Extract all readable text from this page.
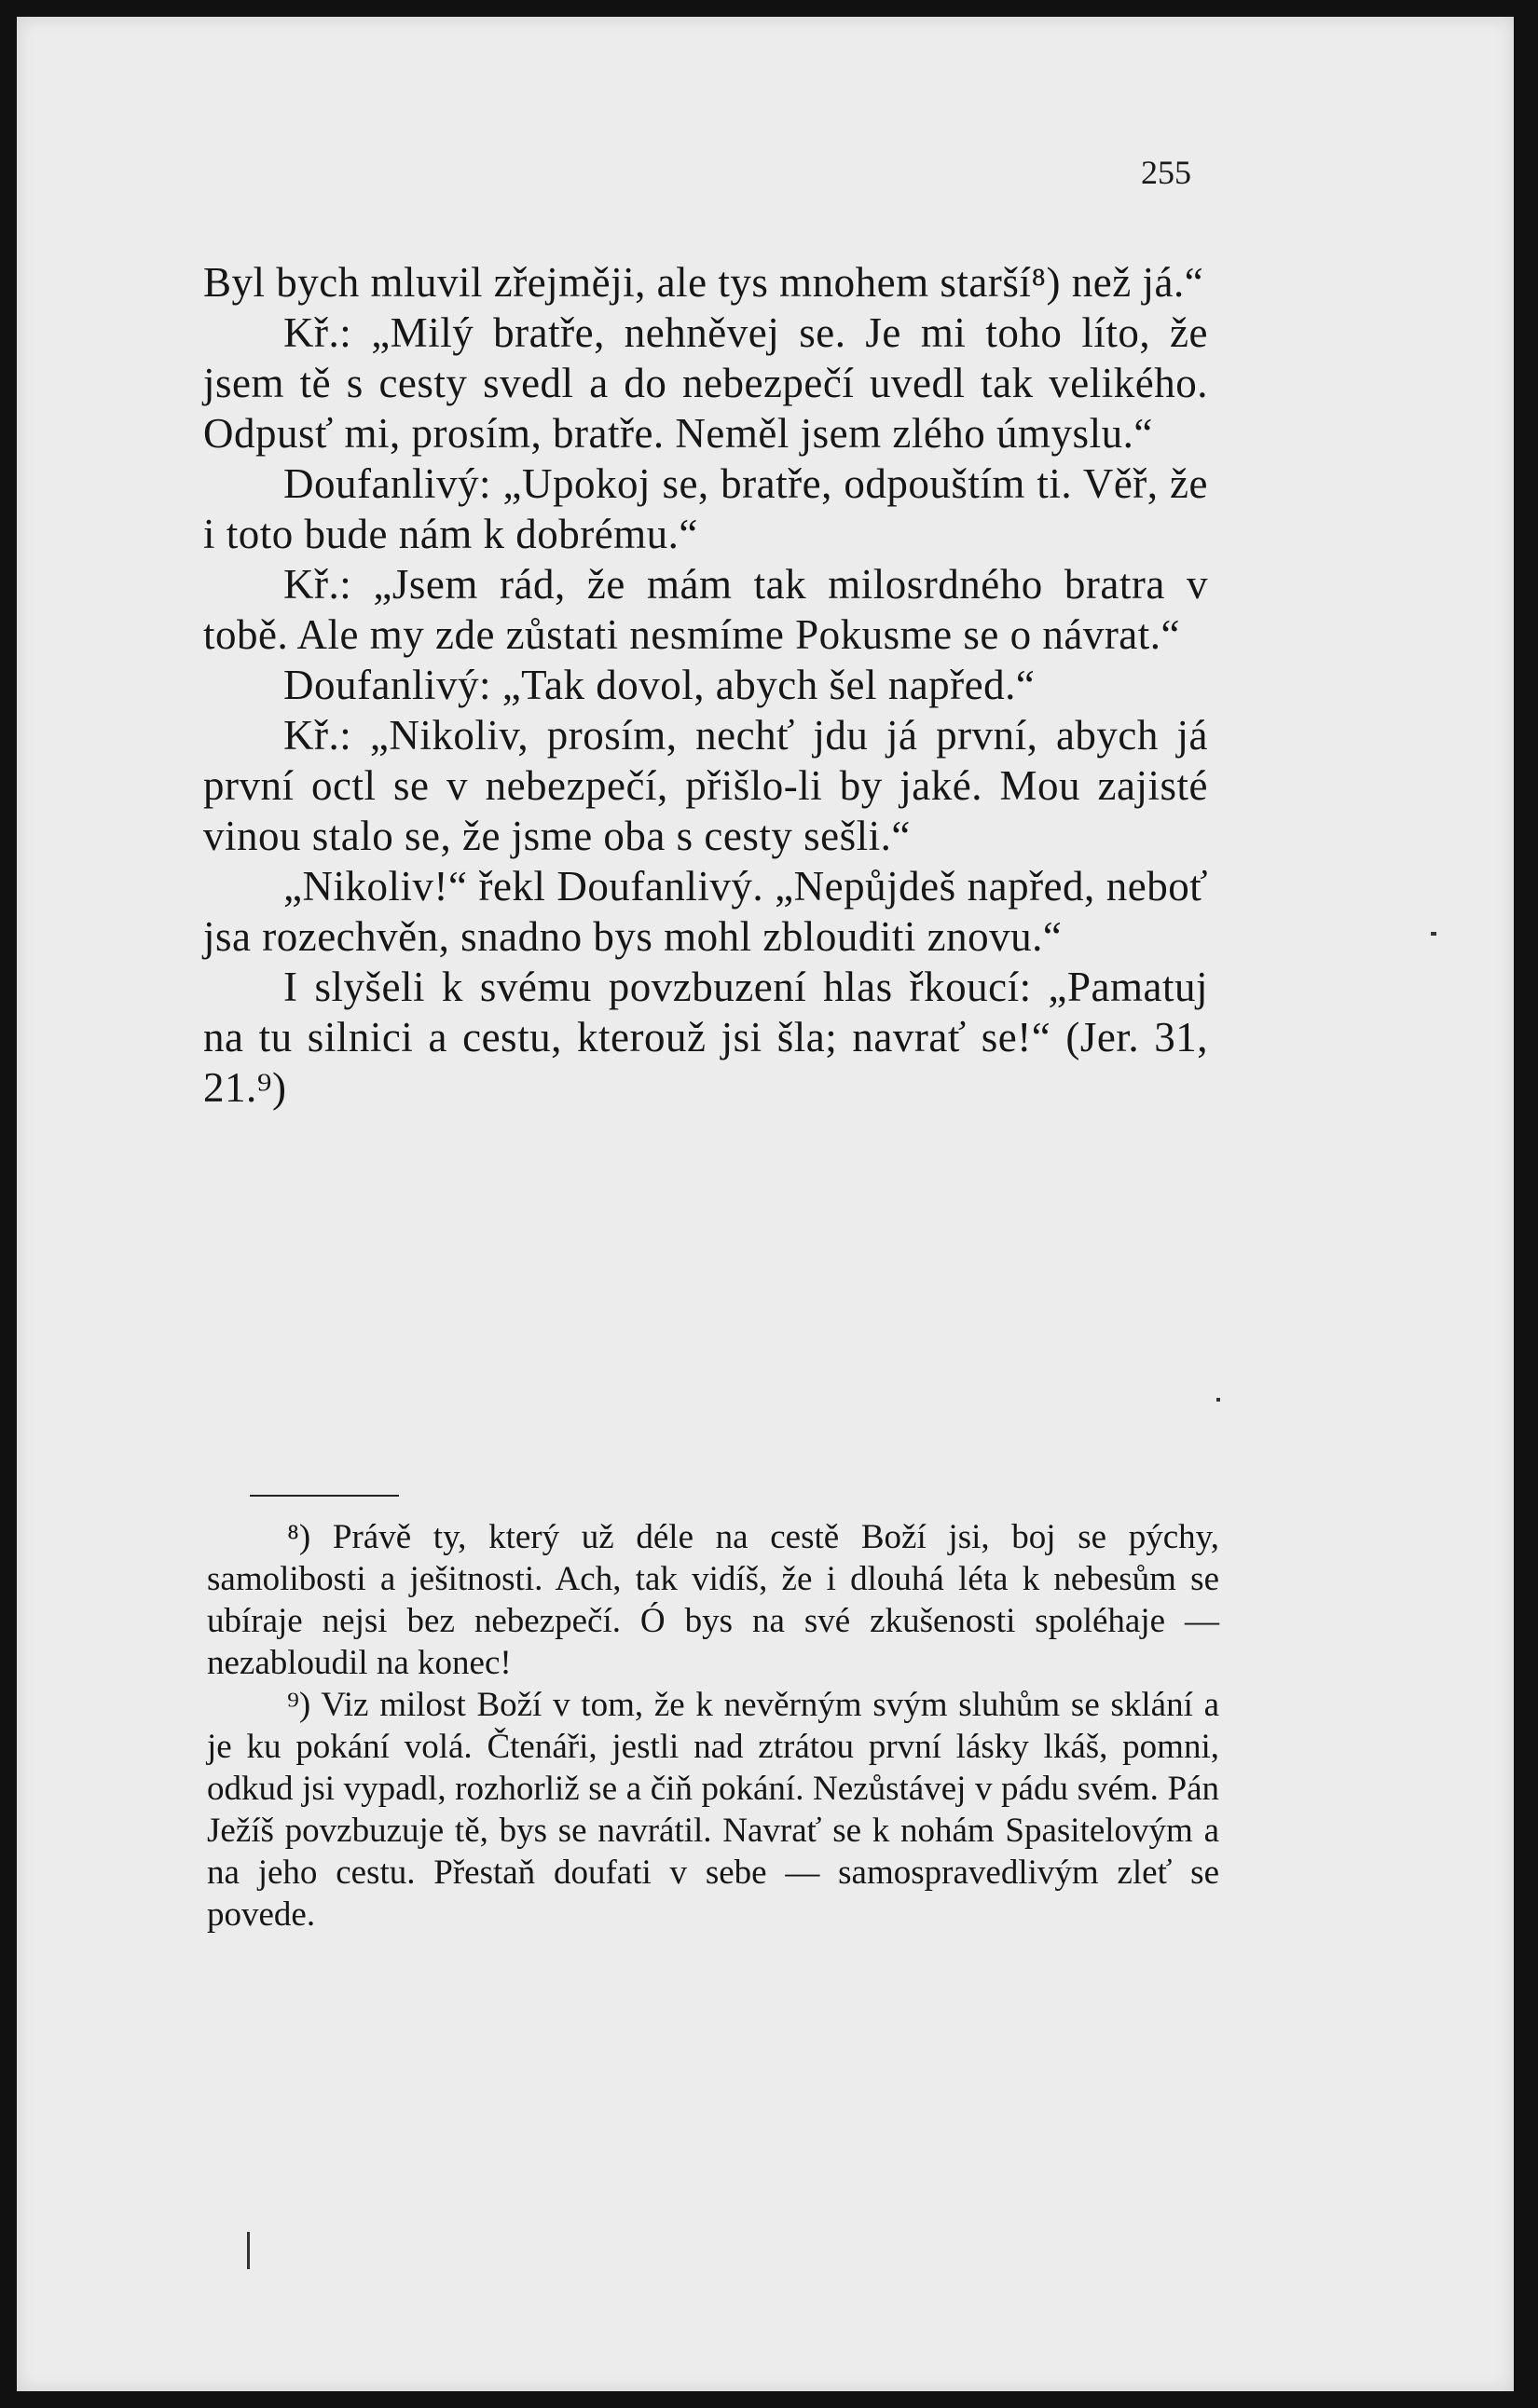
255

Byl bych mluvil zřejměji, ale tys mnohem starší⁸) než já.“

Kř.: „Milý bratře, nehněvej se. Je mi toho líto, že jsem tě s cesty svedl a do nebezpečí uvedl tak velikého. Odpusť mi, prosím, bratře. Neměl jsem zlého úmyslu.“

Doufanlivý: „Upokoj se, bratře, odpouštím ti. Věř, že i toto bude nám k dobrému.“

Kř.: „Jsem rád, že mám tak milosrdného bratra v tobě. Ale my zde zůstati nesmíme Pokusme se o návrat.“

Doufanlivý: „Tak dovol, abych šel napřed.“

Kř.: „Nikoliv, prosím, nechť jdu já první, abych já první octl se v nebezpečí, přišlo-li by jaké. Mou zajisté vinou stalo se, že jsme oba s cesty sešli.“

„Nikoliv!“ řekl Doufanlivý. „Nepůjdeš napřed, neboť jsa rozechvěn, snadno bys mohl zblouditi znovu.“

I slyšeli k svému povzbuzení hlas řkoucí: „Pamatuj na tu silnici a cestu, kterouž jsi šla; navrať se!“ (Jer. 31, 21.⁹)

⁸) Právě ty, který už déle na cestě Boží jsi, boj se pýchy, samolibosti a ješitnosti. Ach, tak vidíš, že i dlouhá léta k nebesům se ubíraje nejsi bez nebezpečí. Ó bys na své zkušenosti spoléhaje — nezabloudil na konec!

⁹) Viz milost Boží v tom, že k nevěrným svým sluhům se sklání a je ku pokání volá. Čtenáři, jestli nad ztrátou první lásky lkáš, pomni, odkud jsi vypadl, rozhorliž se a čiň pokání. Nezůstávej v pádu svém. Pán Ježíš povzbuzuje tě, bys se navrátil. Navrať se k nohám Spasitelovým a na jeho cestu. Přestaň doufati v sebe — samospravedlivým zleť se povede.
